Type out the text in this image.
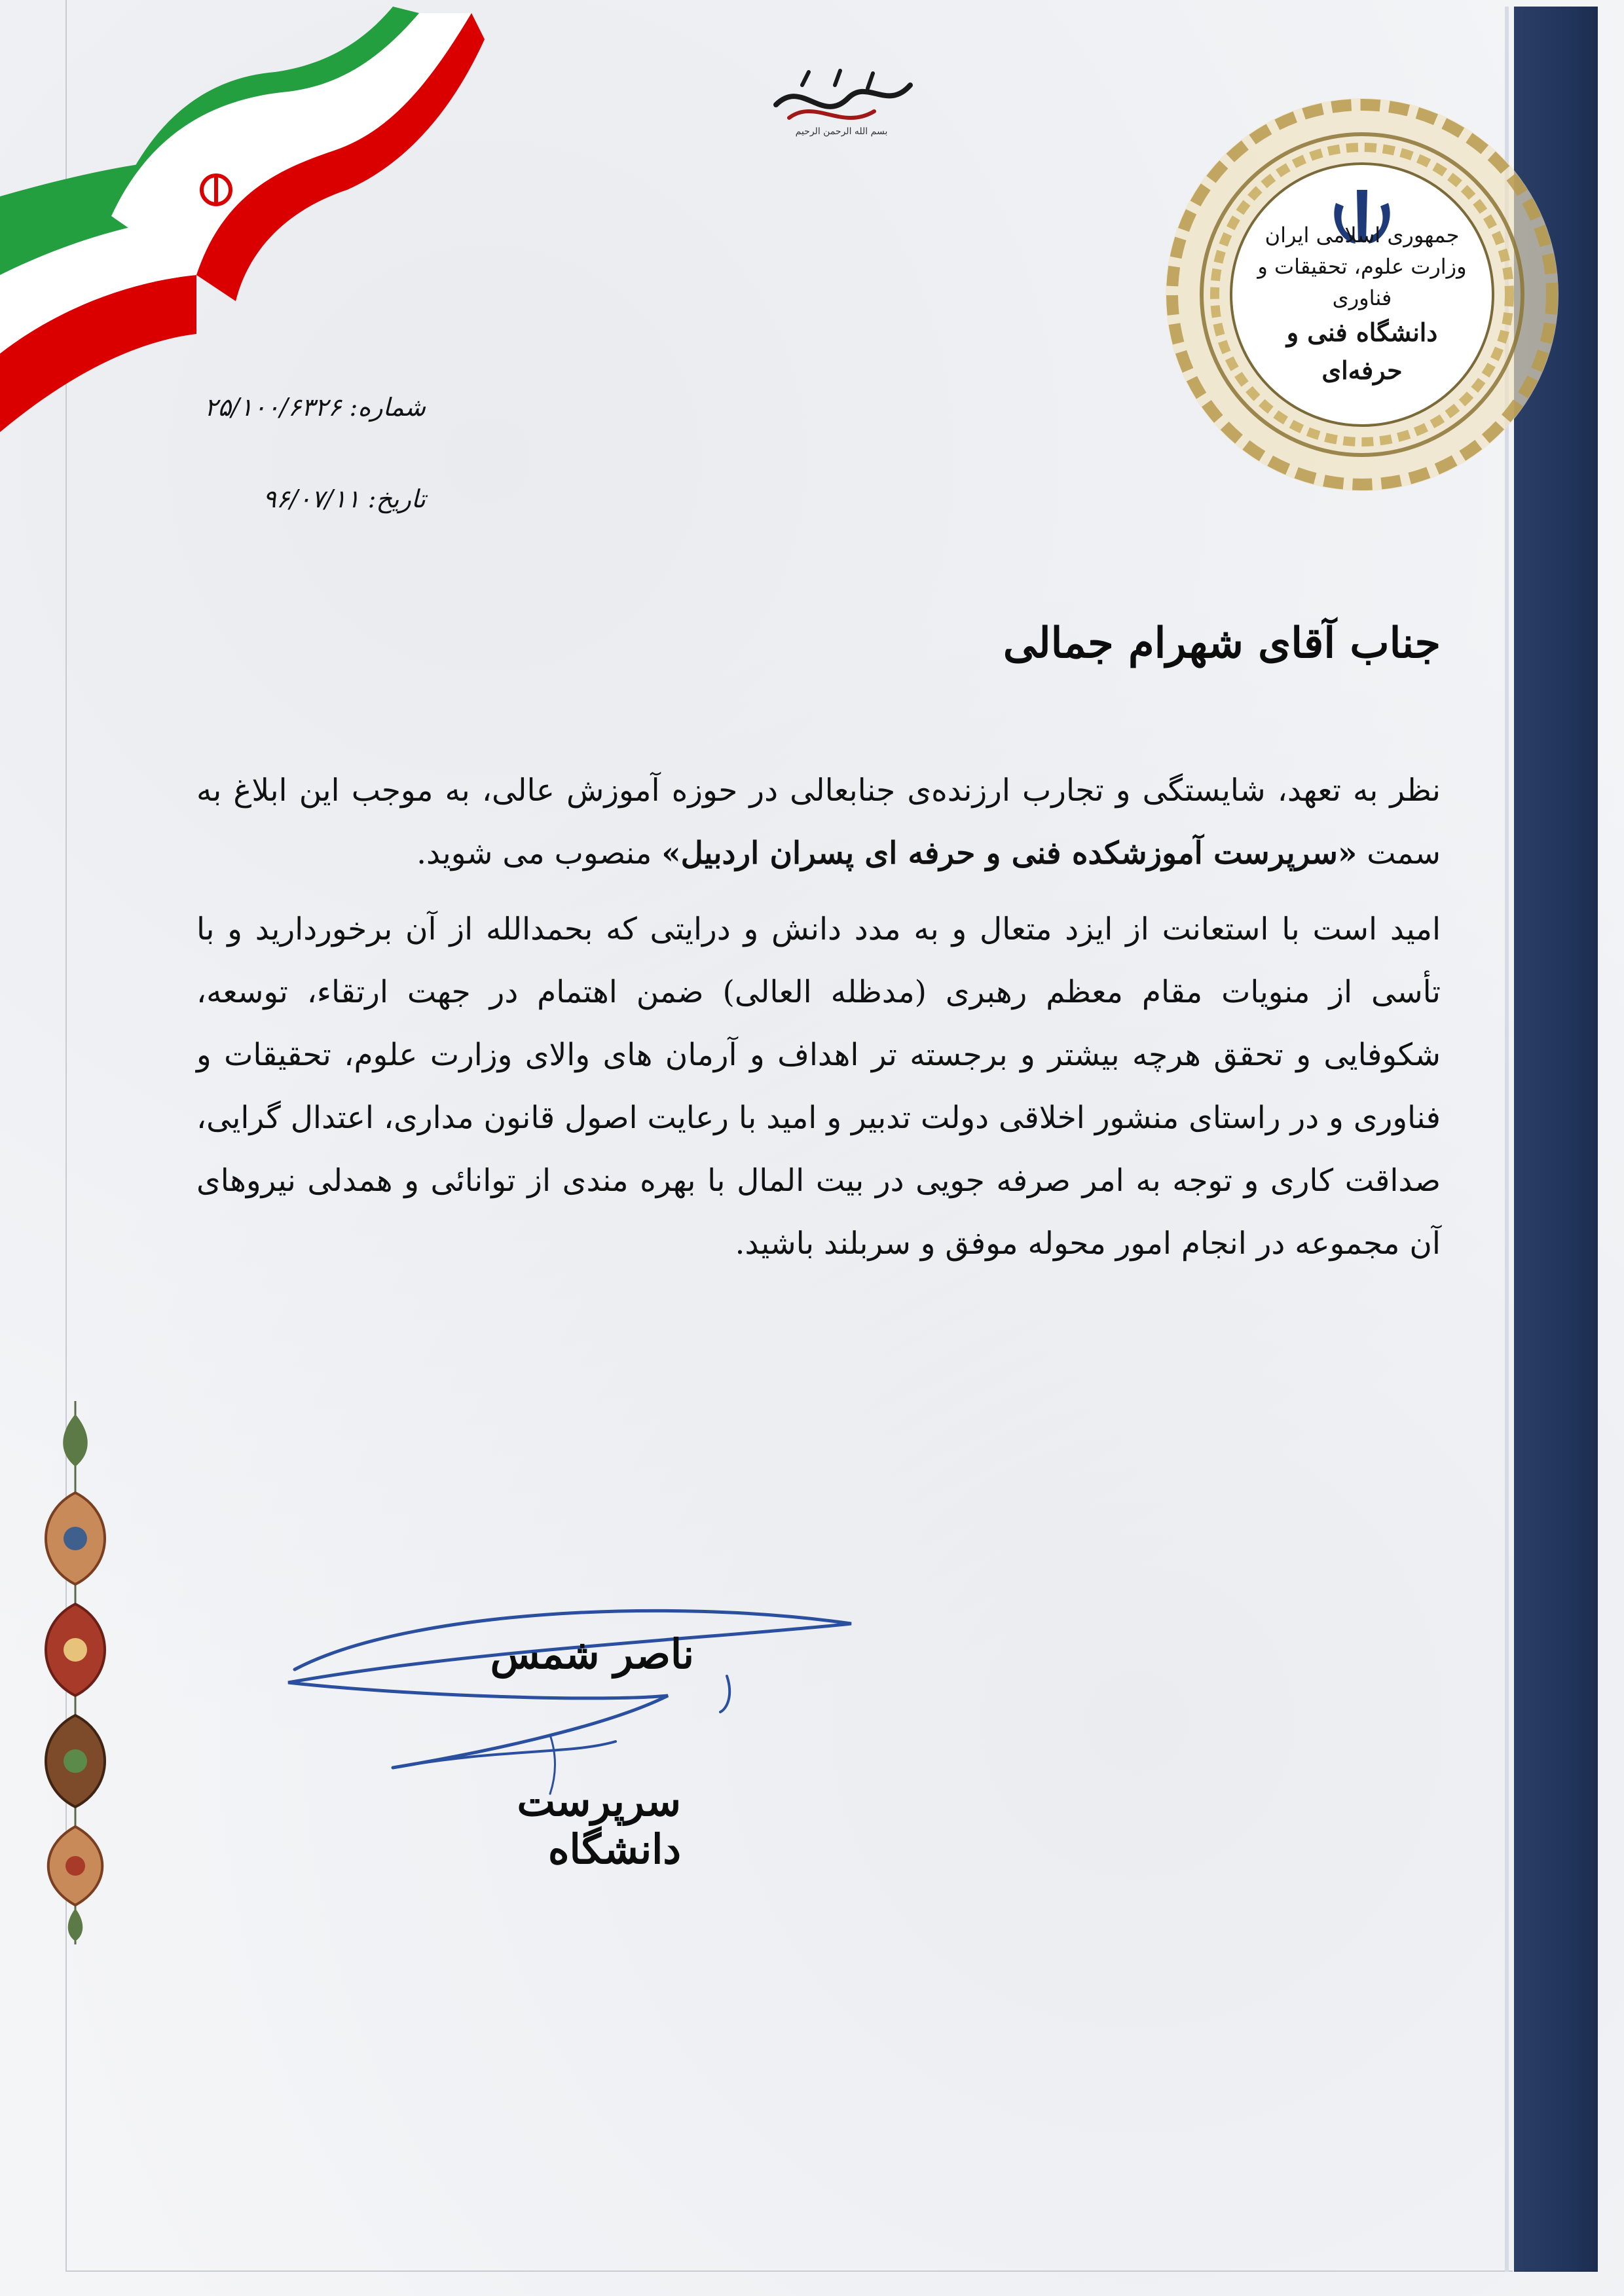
بسم الله الرحمن الرحیم
جمهوری اسلامی ایران
وزارت علوم، تحقیقات و فناوری
دانشگاه فنی و حرفه‌ای
شماره: ۲۵/۱۰۰/۶۳۲۶
تاریخ: ۹۶/۰۷/۱۱
جناب آقای شهرام جمالی

نظر به تعهد، شایستگی و تجارب ارزنده‌ی جنابعالی در حوزه آموزش عالی، به موجب این ابلاغ به سمت «سرپرست آموزشکده فنی و حرفه ای پسران اردبیل» منصوب می شوید.

امید است با استعانت از ایزد متعال و به مدد دانش و درایتی که بحمدالله از آن برخوردارید و با تأسی از منویات مقام معظم رهبری (مدظله العالی) ضمن اهتمام در جهت ارتقاء، توسعه، شکوفایی و تحقق هرچه بیشتر و برجسته تر اهداف و آرمان های والای وزارت علوم، تحقیقات و فناوری و در راستای منشور اخلاقی دولت تدبیر و امید با رعایت اصول قانون مداری، اعتدال گرایی، صداقت کاری و توجه به امر صرفه جویی در بیت المال با بهره مندی از توانائی و همدلی نیروهای آن مجموعه در انجام امور محوله موفق و سربلند باشید.

ناصر شمس
سرپرست دانشگاه
